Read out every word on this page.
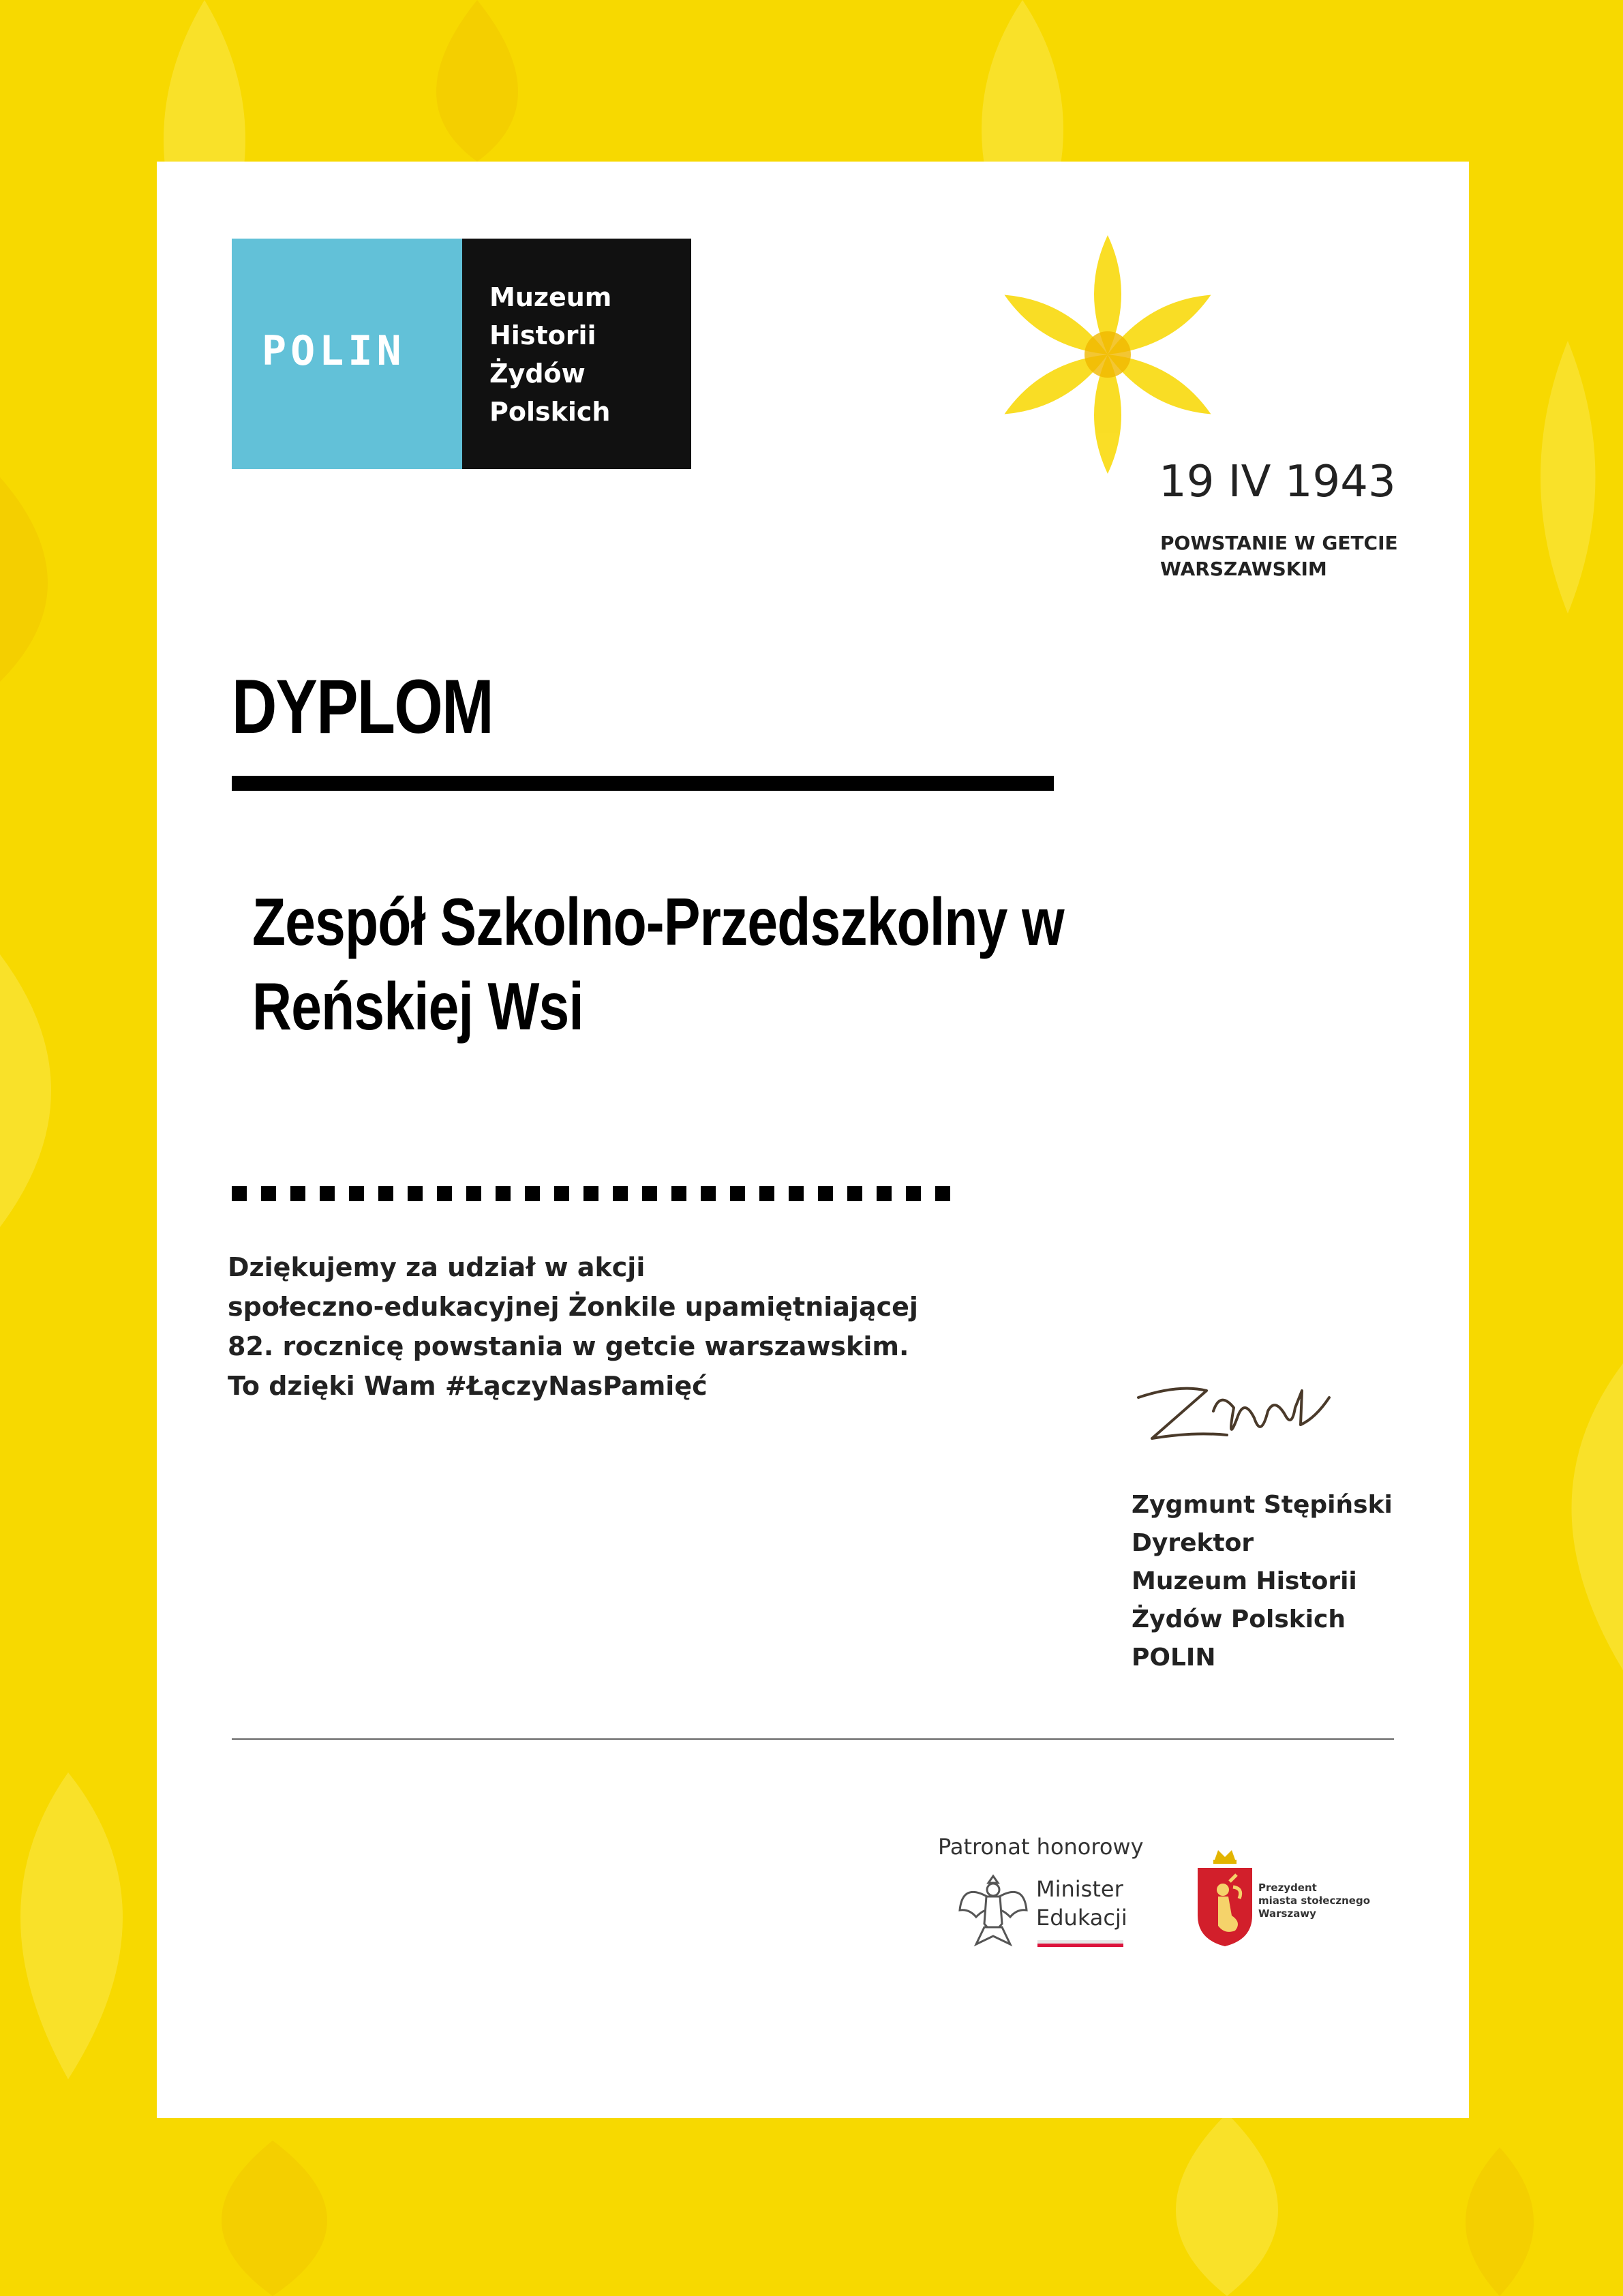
POLIN
Muzeum
Historii
Żydów
Polskich
19 IV 1943
POWSTANIE W GETCIE
WARSZAWSKIM
DYPLOM
Zespół Szkolno-Przedszkolny w Reńskiej Wsi
Dziękujemy za udział w akcji
społeczno-edukacyjnej Żonkile upamiętniającej
82. rocznicę powstania w getcie warszawskim.
To dzięki Wam #ŁączyNasPamięć
Zygmunt Stępiński
Dyrektor
Muzeum Historii
Żydów Polskich
POLIN
Patronat honorowy
Minister
Edukacji
Prezydent
miasta stołecznego
Warszawy
